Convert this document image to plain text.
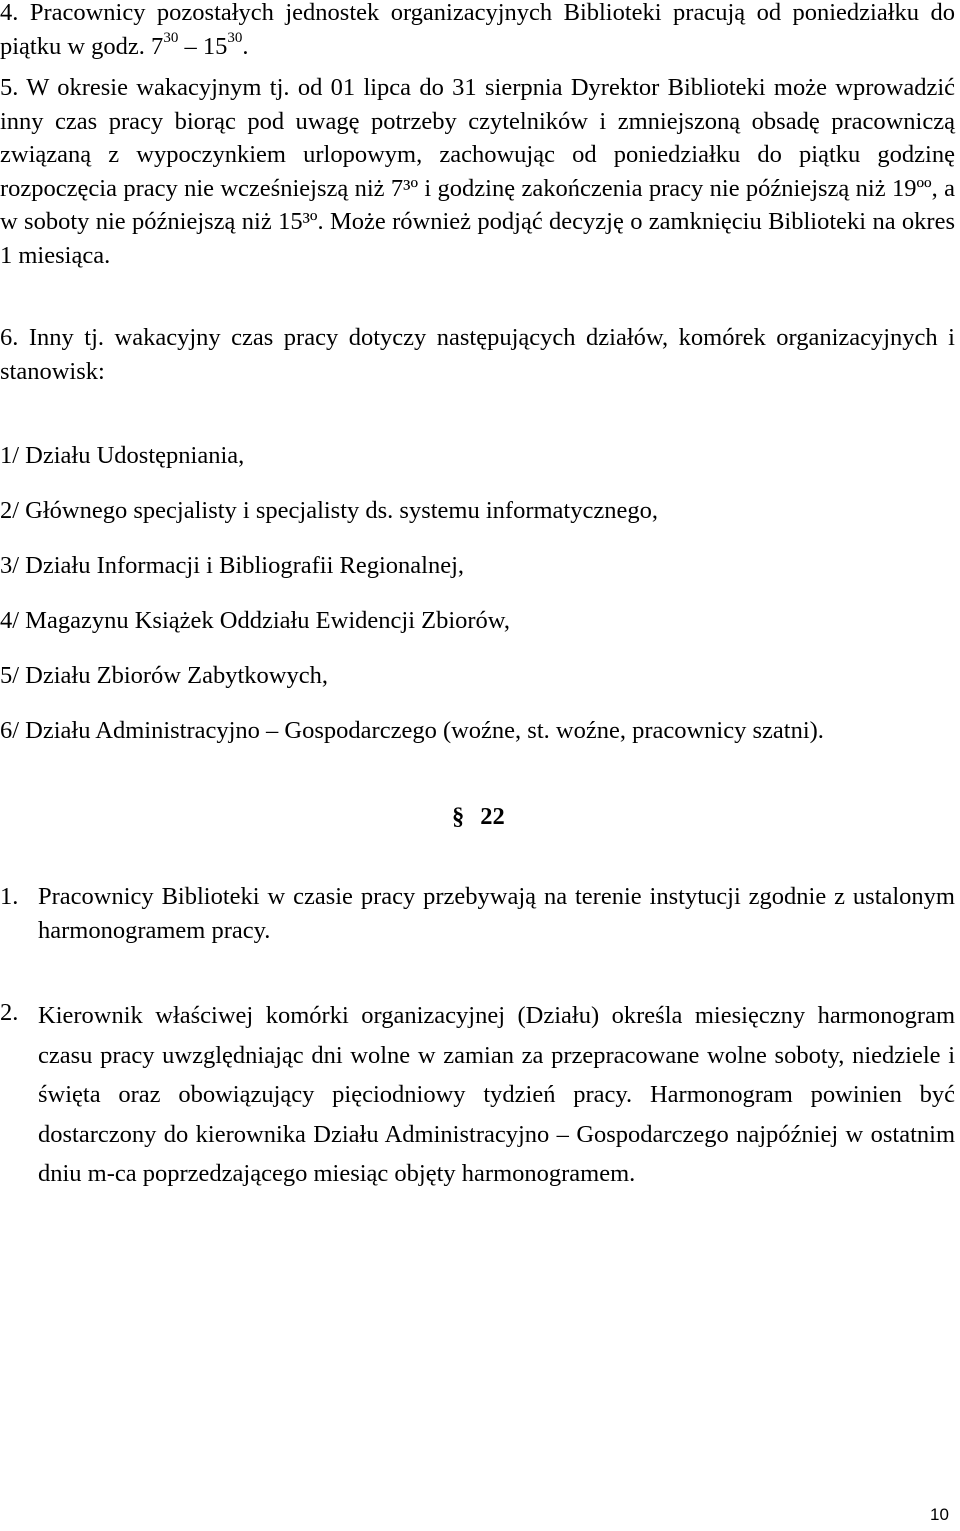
4. Pracownicy pozostałych jednostek organizacyjnych Biblioteki pracują od poniedziałku do piątku w godz. $7^{30} - 15^{30}$.

5. W okresie wakacyjnym tj. od 01 lipca do 31 sierpnia Dyrektor Biblioteki może wprowadzić inny czas pracy biorąc pod uwagę potrzeby czytelników i zmniejszoną obsadę pracowniczą związaną z wypoczynkiem urlopowym, zachowując od poniedziałku do piątku godzinę rozpoczęcia pracy nie wcześniejszą niż 7³º i godzinę zakończenia pracy nie późniejszą niż 19ºº, a w soboty nie późniejszą niż 15³º. Może również podjąć decyzję o zamknięciu Biblioteki na okres 1 miesiąca.

6. Inny tj. wakacyjny czas pracy dotyczy następujących działów, komórek organizacyjnych i stanowisk:

1/ Działu Udostępniania,
2/ Głównego specjalisty i specjalisty ds. systemu informatycznego,
3/ Działu Informacji i Bibliografii Regionalnej,
4/ Magazynu Książek Oddziału Ewidencji Zbiorów,
5/ Działu Zbiorów Zabytkowych,
6/ Działu Administracyjno – Gospodarczego (woźne, st. woźne, pracownicy szatni).
§ 22
1. Pracownicy Biblioteki w czasie pracy przebywają na terenie instytucji zgodnie z ustalonym harmonogramem pracy.
2. Kierownik właściwej komórki organizacyjnej (Działu) określa miesięczny harmonogram czasu pracy uwzględniając dni wolne w zamian za przepracowane wolne soboty, niedziele i święta oraz obowiązujący pięciodniowy tydzień pracy. Harmonogram powinien być dostarczony do kierownika Działu Administracyjno – Gospodarczego najpóźniej w ostatnim dniu m-ca poprzedzającego miesiąc objęty harmonogramem.
10
